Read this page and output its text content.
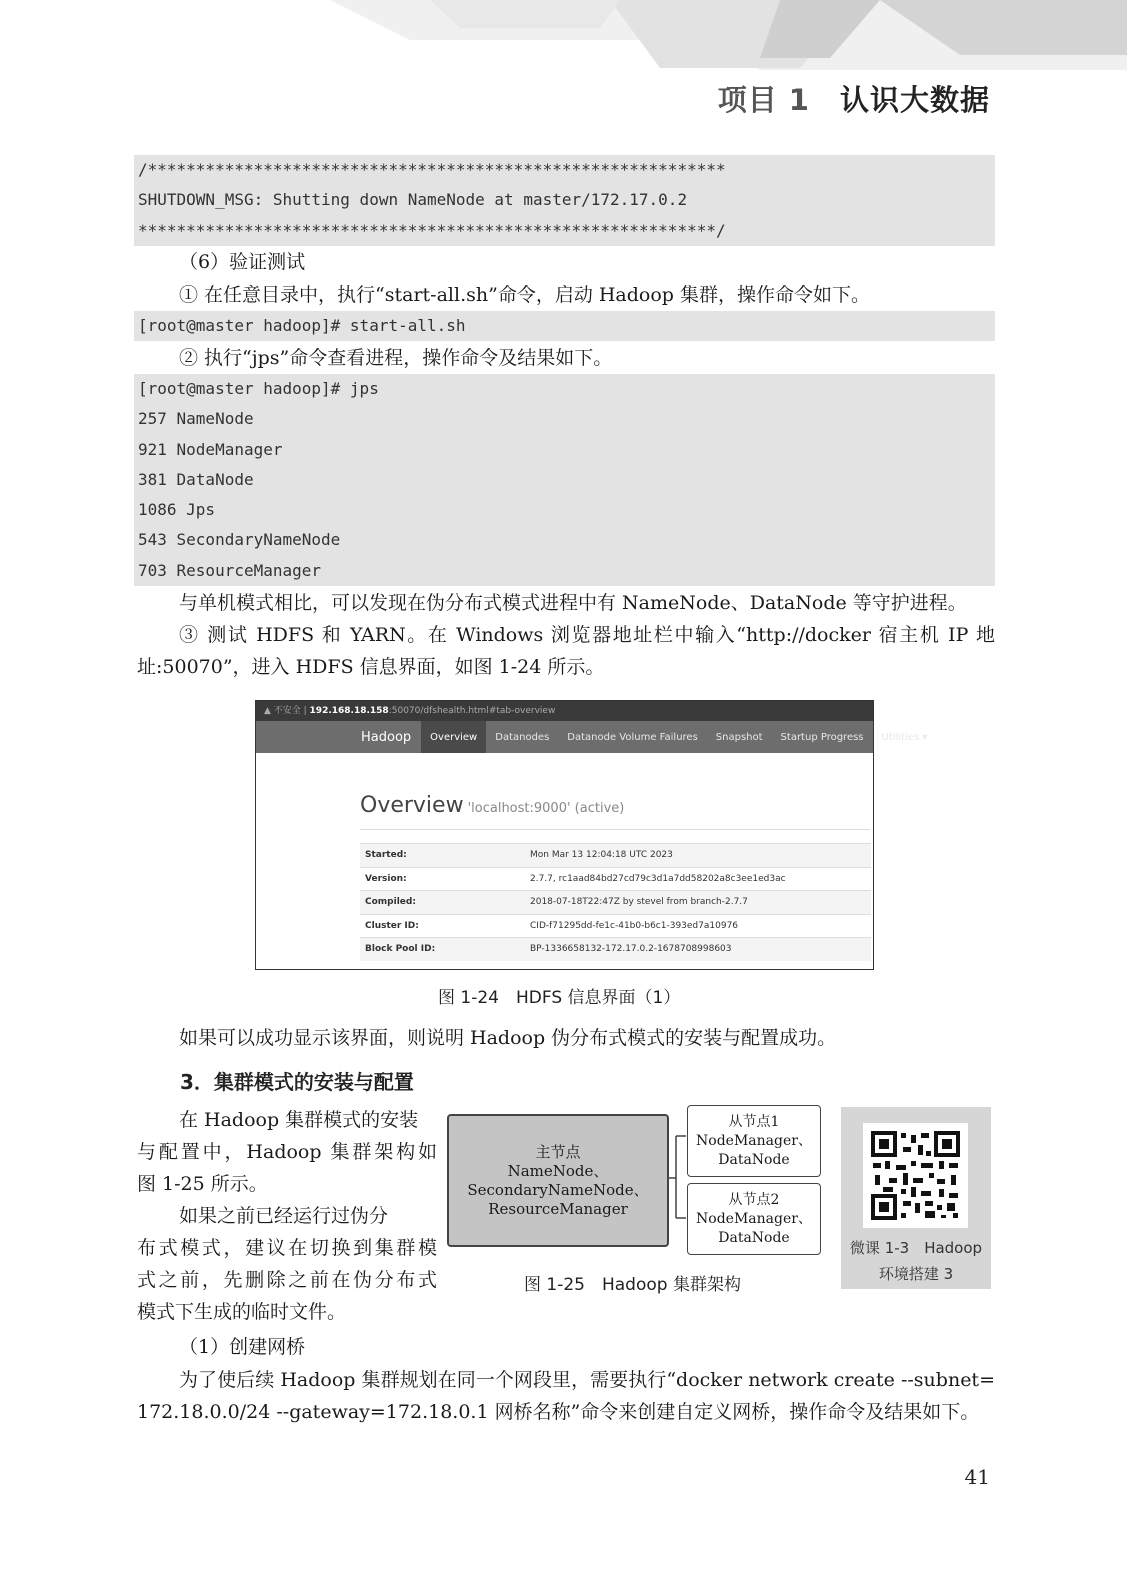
项目 1 认识大数据
/************************************************************
SHUTDOWN_MSG: Shutting down NameNode at master/172.17.0.2
************************************************************/
（6）验证测试
① 在任意目录中，执行“start-all.sh”命令，启动 Hadoop 集群，操作命令如下。
[root@master hadoop]# start-all.sh
② 执行“jps”命令查看进程，操作命令及结果如下。
[root@master hadoop]# jps
257 NameNode
921 NodeManager
381 DataNode
1086 Jps
543 SecondaryNameNode
703 ResourceManager
与单机模式相比，可以发现在伪分布式模式进程中有 NameNode、DataNode 等守护进程。
③ 测试 HDFS 和 YARN。在 Windows 浏览器地址栏中输入“http://docker 宿主机 IP 地
址:50070”，进入 HDFS 信息界面，如图 1-24 所示。
▲ 不安全 | 192.168.18.158:50070/dfshealth.html#tab-overview
Hadoop	Overview	Datanodes	Datanode Volume Failures	Snapshot	Startup Progress	Utilities ▾
Overview 'localhost:9000' (active)
Started:	Mon Mar 13 12:04:18 UTC 2023
Version:	2.7.7, rc1aad84bd27cd79c3d1a7dd58202a8c3ee1ed3ac
Compiled:	2018-07-18T22:47Z by stevel from branch-2.7.7
Cluster ID:	CID-f71295dd-fe1c-41b0-b6c1-393ed7a10976
Block Pool ID:	BP-1336658132-172.17.0.2-1678708998603
图 1-24　HDFS 信息界面（1）
如果可以成功显示该界面，则说明 Hadoop 伪分布式模式的安装与配置成功。
3．集群模式的安装与配置
在 Hadoop 集群模式的安装
与配置中，Hadoop 集群架构如
图 1-25 所示。
如果之前已经运行过伪分
布式模式，建议在切换到集群模
式之前，先删除之前在伪分布式
模式下生成的临时文件。
主节点
NameNode、
SecondaryNameNode、
ResourceManager
从节点1
NodeManager、
DataNode
从节点2
NodeManager、
DataNode
图 1-25　Hadoop 集群架构
微课 1-3　Hadoop
环境搭建 3
（1）创建网桥
为了使后续 Hadoop 集群规划在同一个网段里，需要执行“docker network create --subnet=
172.18.0.0/24 --gateway=172.18.0.1 网桥名称”命令来创建自定义网桥，操作命令及结果如下。
41
